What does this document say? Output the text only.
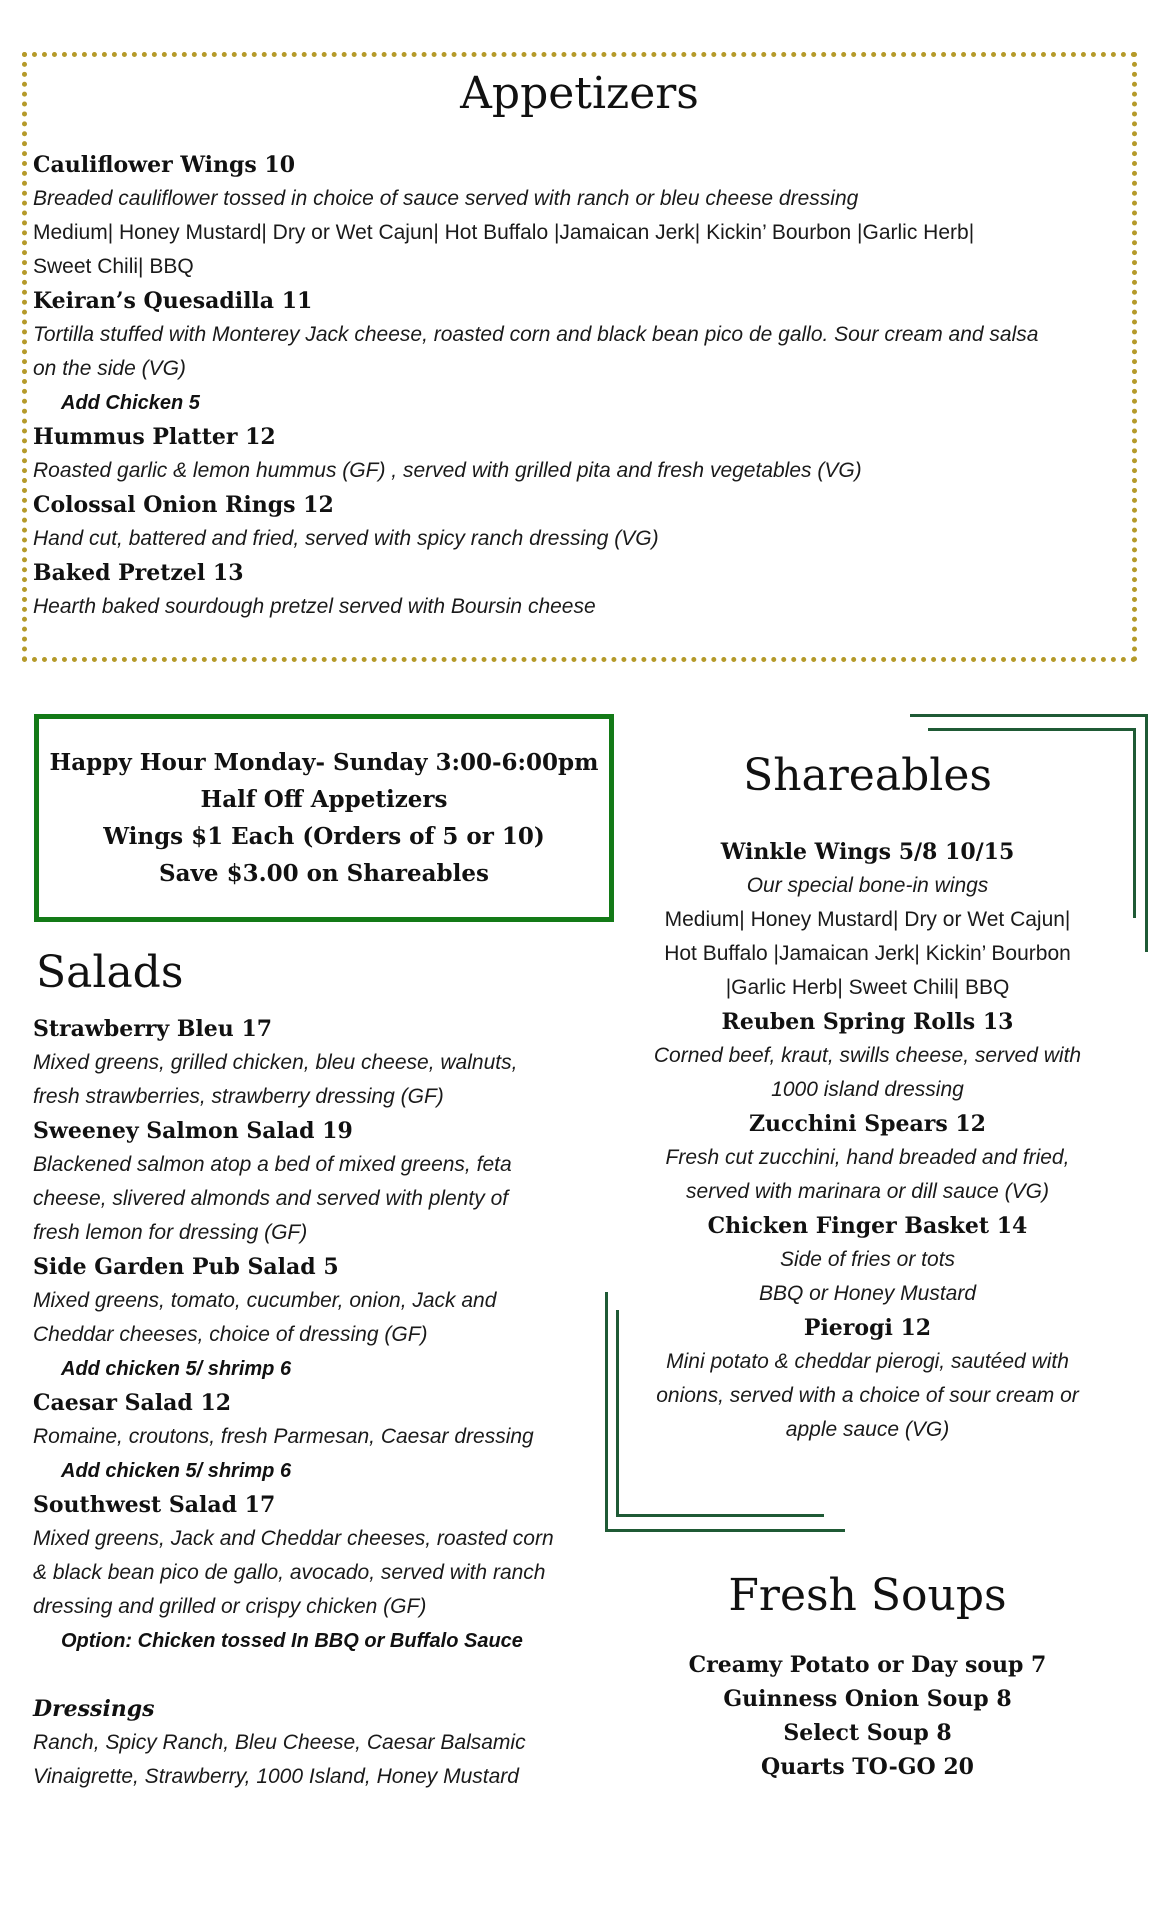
Appetizers
Cauliflower Wings 10
Breaded cauliflower tossed in choice of sauce served with ranch or bleu cheese dressing
Medium| Honey Mustard| Dry or Wet Cajun| Hot Buffalo |Jamaican Jerk| Kickin’ Bourbon |Garlic Herb|
Sweet Chili| BBQ
Keiran’s Quesadilla 11
Tortilla stuffed with Monterey Jack cheese, roasted corn and black bean pico de gallo. Sour cream and salsa
on the side (VG)
Add Chicken 5
Hummus Platter 12
Roasted garlic & lemon hummus (GF) , served with grilled pita and fresh vegetables (VG)
Colossal Onion Rings 12
Hand cut, battered and fried, served with spicy ranch dressing (VG)
Baked Pretzel 13
Hearth baked sourdough pretzel served with Boursin cheese
Happy Hour Monday- Sunday 3:00-6:00pm
Half Off Appetizers
Wings $1 Each (Orders of 5 or 10)
Save $3.00 on Shareables
Salads
Strawberry Bleu 17
Mixed greens, grilled chicken, bleu cheese, walnuts,
fresh strawberries, strawberry dressing (GF)
Sweeney Salmon Salad 19
Blackened salmon atop a bed of mixed greens, feta
cheese, slivered almonds and served with plenty of
fresh lemon for dressing (GF)
Side Garden Pub Salad 5
Mixed greens, tomato, cucumber, onion, Jack and
Cheddar cheeses, choice of dressing (GF)
Add chicken 5/ shrimp 6
Caesar Salad 12
Romaine, croutons, fresh Parmesan, Caesar dressing
Add chicken 5/ shrimp 6
Southwest Salad 17
Mixed greens, Jack and Cheddar cheeses, roasted corn
& black bean pico de gallo, avocado, served with ranch
dressing and grilled or crispy chicken (GF)
Option: Chicken tossed In BBQ or Buffalo Sauce
Dressings
Ranch, Spicy Ranch, Bleu Cheese, Caesar Balsamic
Vinaigrette, Strawberry, 1000 Island, Honey Mustard
Shareables
Winkle Wings 5/8 10/15
Our special bone-in wings
Medium| Honey Mustard| Dry or Wet Cajun|
Hot Buffalo |Jamaican Jerk| Kickin’ Bourbon
|Garlic Herb| Sweet Chili| BBQ
Reuben Spring Rolls 13
Corned beef, kraut, swills cheese, served with
1000 island dressing
Zucchini Spears 12
Fresh cut zucchini, hand breaded and fried,
served with marinara or dill sauce (VG)
Chicken Finger Basket 14
Side of fries or tots
BBQ or Honey Mustard
Pierogi 12
Mini potato & cheddar pierogi, sautéed with
onions, served with a choice of sour cream or
apple sauce (VG)
Fresh Soups
Creamy Potato or Day soup 7
Guinness Onion Soup 8
Select Soup 8
Quarts TO-GO 20
